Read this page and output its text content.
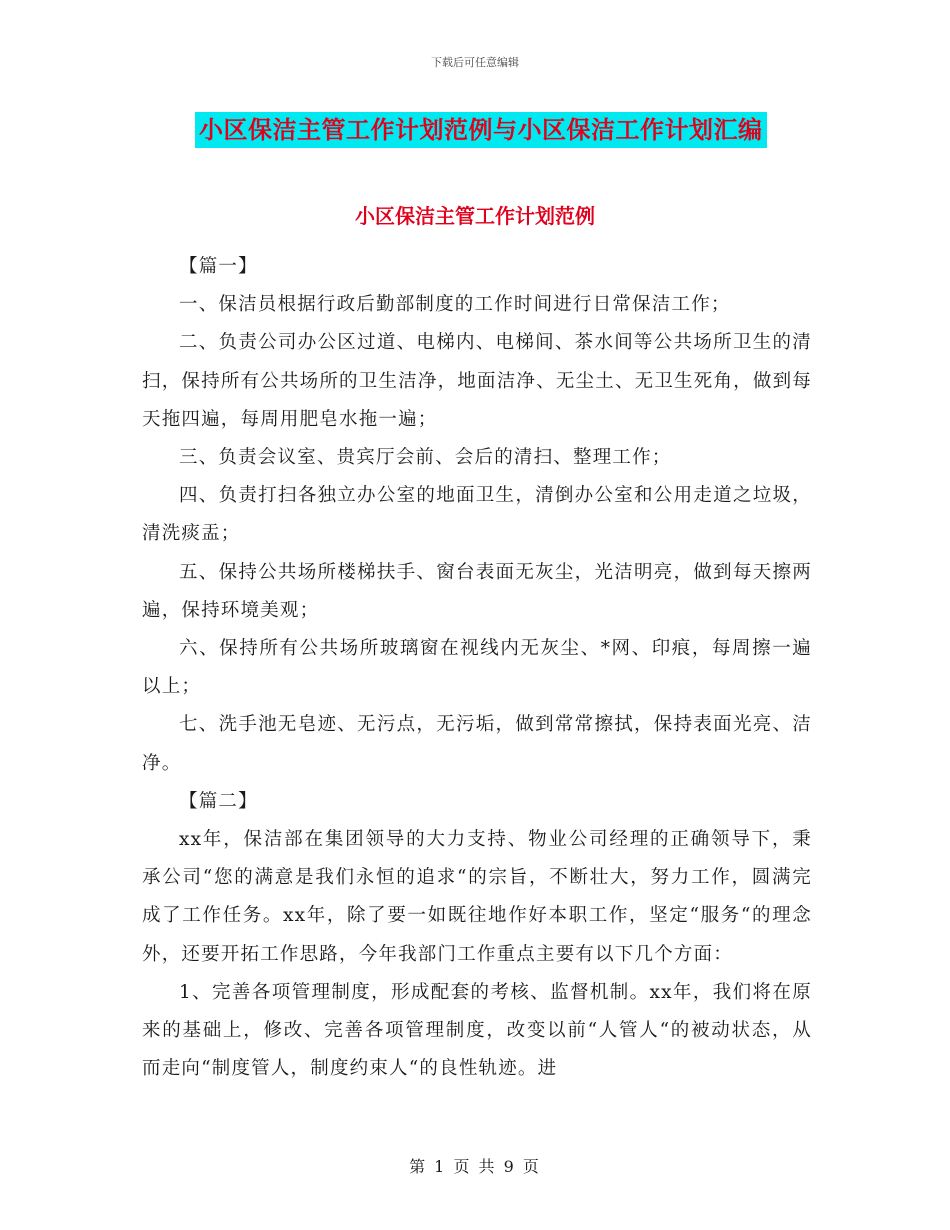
下载后可任意编辑
小区保洁主管工作计划范例与小区保洁工作计划汇编
小区保洁主管工作计划范例

【篇一】

一、保洁员根据行政后勤部制度的工作时间进行日常保洁工作；

二、负责公司办公区过道、电梯内、电梯间、茶水间等公共场所卫生的清扫，保持所有公共场所的卫生洁净，地面洁净、无尘土、无卫生死角，做到每天拖四遍，每周用肥皂水拖一遍；

三、负责会议室、贵宾厅会前、会后的清扫、整理工作；

四、负责打扫各独立办公室的地面卫生，清倒办公室和公用走道之垃圾，清洗痰盂；

五、保持公共场所楼梯扶手、窗台表面无灰尘，光洁明亮，做到每天擦两遍，保持环境美观；

六、保持所有公共场所玻璃窗在视线内无灰尘、*网、印痕，每周擦一遍以上；

七、洗手池无皂迹、无污点，无污垢，做到常常擦拭，保持表面光亮、洁净。

【篇二】

xx年，保洁部在集团领导的大力支持、物业公司经理的正确领导下，秉承公司“您的满意是我们永恒的追求“的宗旨，不断壮大，努力工作，圆满完成了工作任务。xx年，除了要一如既往地作好本职工作，坚定“服务“的理念外，还要开拓工作思路，今年我部门工作重点主要有以下几个方面：

1、完善各项管理制度，形成配套的考核、监督机制。xx年，我们将在原来的基础上，修改、完善各项管理制度，改变以前“人管人“的被动状态，从而走向“制度管人，制度约束人“的良性轨迹。进

第 1 页 共 9 页
